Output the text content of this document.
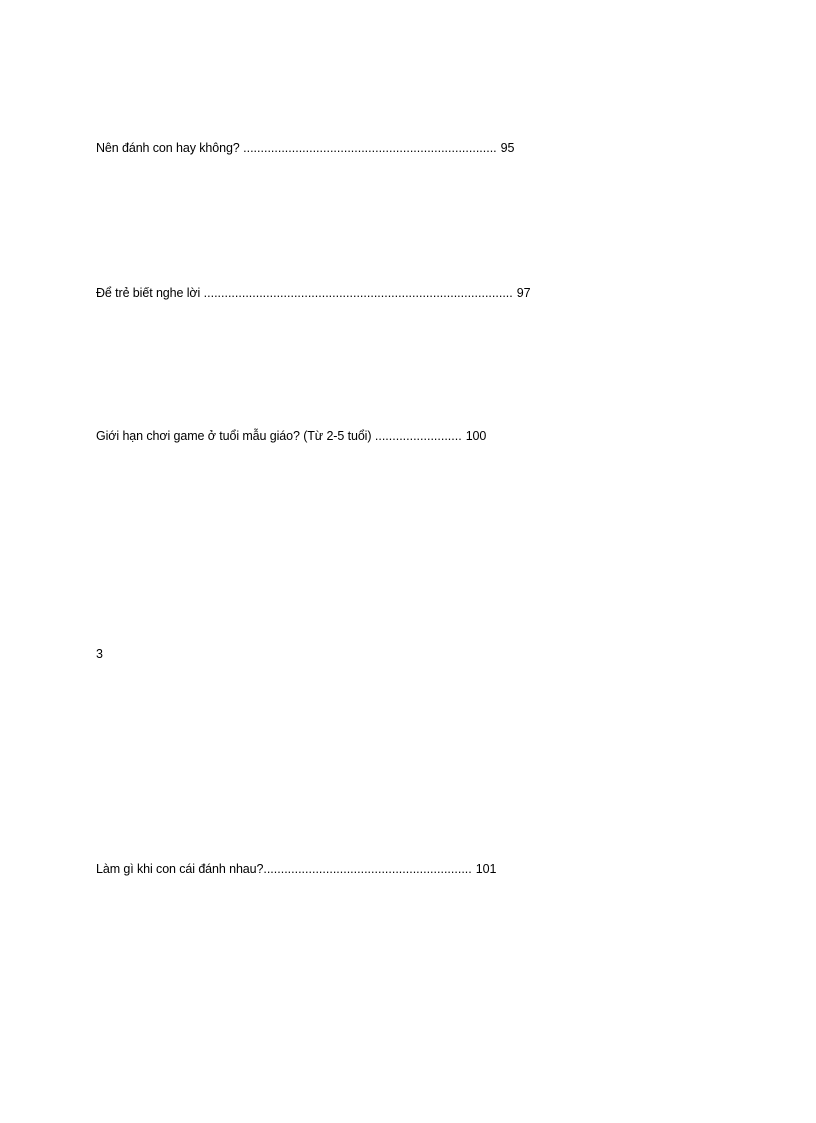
Nên đánh con hay không? ......................................................................... 95
Để trẻ biết nghe lời ......................................................................................... 97
Giới hạn chơi game ở tuổi mẫu giáo? (Từ 2-5 tuổi) ......................... 100
3
Làm gì khi con cái đánh nhau?............................................................ 101
